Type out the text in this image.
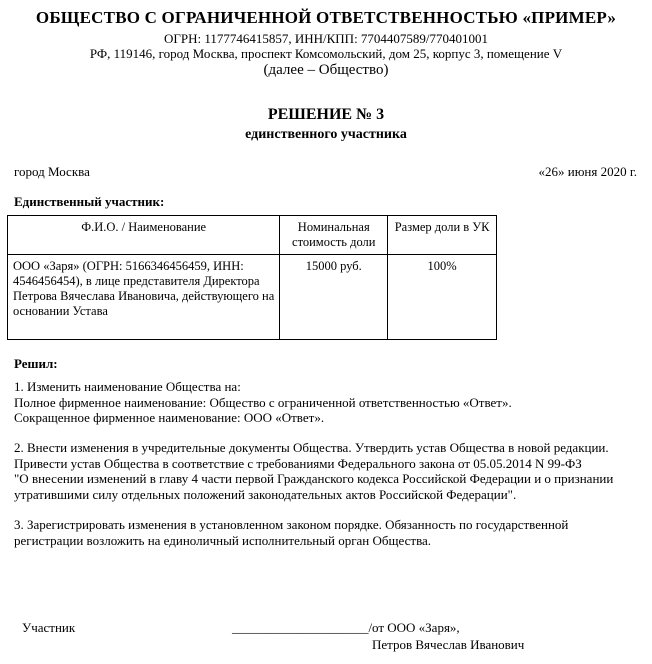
ОБЩЕСТВО С ОГРАНИЧЕННОЙ ОТВЕТСТВЕННОСТЬЮ «ПРИМЕР»
ОГРН: 1177746415857, ИНН/КПП: 7704407589/770401001
РФ, 119146, город Москва, проспект Комсомольский, дом 25, корпус 3, помещение V
(далее – Общество)
РЕШЕНИЕ № 3
единственного участника
город Москва	«26» июня 2020 г.
Единственный участник:
Ф.И.О. / Наименование	Номинальная стоимость доли	Размер доли в УК
ООО «Заря» (ОГРН: 5166346456459, ИНН: 4546456454), в лице представителя Директора Петрова Вячеслава Ивановича, действующего на основании Устава	15000 руб.	100%
Решил:
1. Изменить наименование Общества на:
Полное фирменное наименование: Общество с ограниченной ответственностью «Ответ».
Сокращенное фирменное наименование: ООО «Ответ».
2. Внести изменения в учредительные документы Общества. Утвердить устав Общества в новой редакции.
Привести устав Общества в соответствие с требованиями Федерального закона от 05.05.2014 N 99-ФЗ
"О внесении изменений в главу 4 части первой Гражданского кодекса Российской Федерации и о признании
утратившими силу отдельных положений законодательных актов Российской Федерации".
3. Зарегистрировать изменения в установленном законом порядке. Обязанность по государственной
регистрации возложить на единоличный исполнительный орган Общества.
Участник	_____________________/ от ООО «Заря»,
Петров Вячеслав Иванович
